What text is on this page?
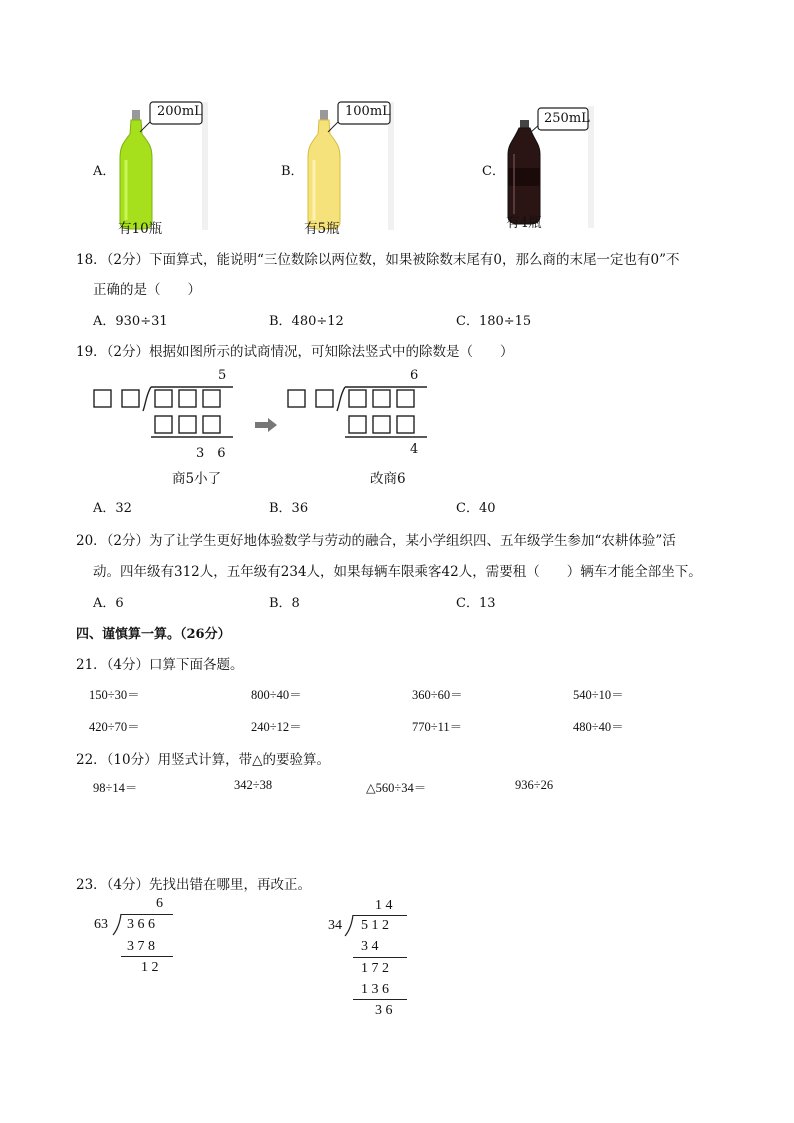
A．
200mL
有10瓶
B．
100mL
有5瓶
C．
250mL
有4瓶
18．（2分）下面算式，能说明“三位数除以两位数，如果被除数末尾有0，那么商的末尾一定也有0”不
正确的是（　　）
A．930÷31	B．480÷12	C．180÷15
19．（2分）根据如图所示的试商情况，可知除法竖式中的除数是（　　）
5
3　6
商5小了
6
4
改商6
A．32	B．36	C．40
20．（2分）为了让学生更好地体验数学与劳动的融合，某小学组织四、五年级学生参加“农耕体验”活
动。四年级有312人，五年级有234人，如果每辆车限乘客42人，需要租（　　）辆车才能全部坐下。
A．6	B．8	C．13
四、谨慎算一算。（26分）
21．（4分）口算下面各题。
150÷30＝	800÷40＝	360÷60＝	540÷10＝
420÷70＝	240÷12＝	770÷11＝	480÷40＝
22．（10分）用竖式计算，带△的要验算。
98÷14＝	342÷38	△560÷34＝	936÷26
23．（4分）先找出错在哪里，再改正。
6
63 3 6 6
3 7 8
1 2
1 4
34 5 1 2
3 4
1 7 2
1 3 6
3 6
